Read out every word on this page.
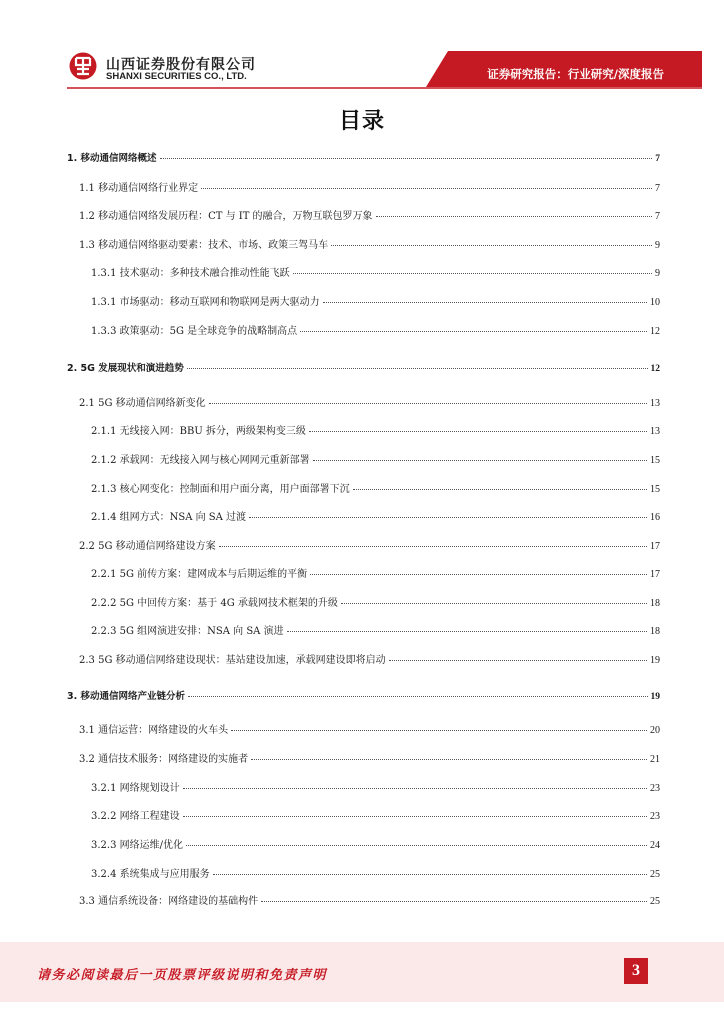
山西证券股份有限公司
SHANXI SECURITIES CO., LTD.	证券研究报告：行业研究/深度报告
目录
1. 移动通信网络概述	7
1.1 移动通信网络行业界定	7
1.2 移动通信网络发展历程：CT 与 IT 的融合，万物互联包罗万象	7
1.3 移动通信网络驱动要素：技术、市场、政策三驾马车	9
1.3.1 技术驱动：多种技术融合推动性能飞跃	9
1.3.1 市场驱动：移动互联网和物联网是两大驱动力	10
1.3.3 政策驱动：5G 是全球竞争的战略制高点	12
2. 5G 发展现状和演进趋势	12
2.1 5G 移动通信网络新变化	13
2.1.1 无线接入网：BBU 拆分，两级架构变三级	13
2.1.2 承载网：无线接入网与核心网网元重新部署	15
2.1.3 核心网变化：控制面和用户面分离，用户面部署下沉	15
2.1.4 组网方式：NSA 向 SA 过渡	16
2.2 5G 移动通信网络建设方案	17
2.2.1 5G 前传方案：建网成本与后期运维的平衡	17
2.2.2 5G 中回传方案：基于 4G 承载网技术框架的升级	18
2.2.3 5G 组网演进安排：NSA 向 SA 演进	18
2.3 5G 移动通信网络建设现状：基站建设加速，承载网建设即将启动	19
3. 移动通信网络产业链分析	19
3.1 通信运营：网络建设的火车头	20
3.2 通信技术服务：网络建设的实施者	21
3.2.1 网络规划设计	23
3.2.2 网络工程建设	23
3.2.3 网络运维/优化	24
3.2.4 系统集成与应用服务	25
3.3 通信系统设备：网络建设的基础构件	25
请务必阅读最后一页股票评级说明和免责声明	3
